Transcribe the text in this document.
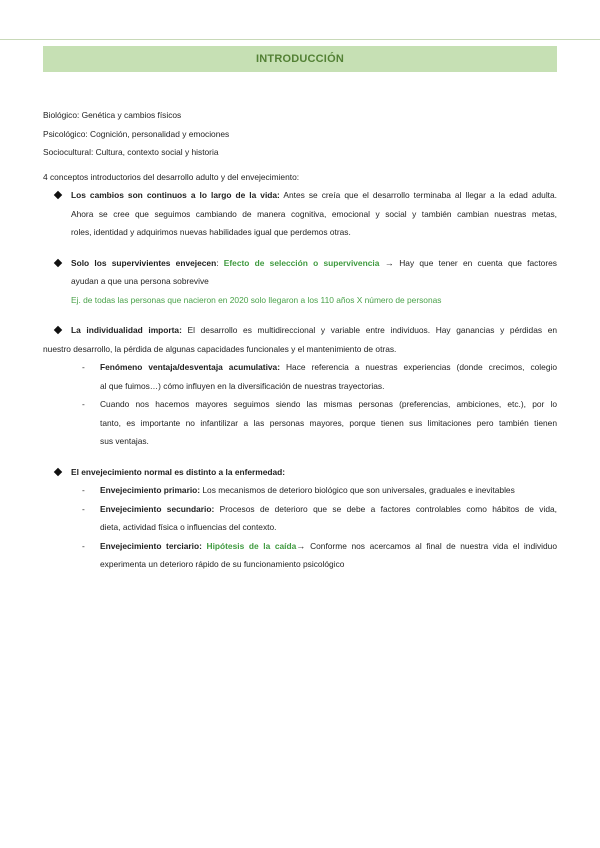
INTRODUCCIÓN
Biológico: Genética y cambios físicos
Psicológico: Cognición, personalidad y emociones
Sociocultural: Cultura, contexto social y historia
4 conceptos introductorios del desarrollo adulto y del envejecimiento:
Los cambios son continuos a lo largo de la vida: Antes se creía que el desarrollo terminaba al llegar a la edad adulta.
Ahora se cree que seguimos cambiando de manera cognitiva, emocional y social y también cambian nuestras metas,
roles, identidad y adquirimos nuevas habilidades igual que perdemos otras.
Solo los supervivientes envejecen: Efecto de selección o supervivencia → Hay que tener en cuenta que factores
ayudan a que una persona sobrevive
Ej. de todas las personas que nacieron en 2020 solo llegaron a los 110 años X número de personas
La individualidad importa: El desarrollo es multidireccional y variable entre individuos. Hay ganancias y pérdidas en
nuestro desarrollo, la pérdida de algunas capacidades funcionales y el mantenimiento de otras.
-
Fenómeno ventaja/desventaja acumulativa: Hace referencia a nuestras experiencias (donde crecimos, colegio
al que fuimos…) cómo influyen en la diversificación de nuestras trayectorias.
-
Cuando nos hacemos mayores seguimos siendo las mismas personas (preferencias, ambiciones, etc.), por lo
tanto, es importante no infantilizar a las personas mayores, porque tienen sus limitaciones pero también tienen
sus ventajas.
El envejecimiento normal es distinto a la enfermedad:
-
Envejecimiento primario: Los mecanismos de deterioro biológico que son universales, graduales e inevitables
-
Envejecimiento secundario: Procesos de deterioro que se debe a factores controlables como hábitos de vida,
dieta, actividad física o influencias del contexto.
-
Envejecimiento terciario: Hipótesis de la caída→ Conforme nos acercamos al final de nuestra vida el individuo
experimenta un deterioro rápido de su funcionamiento psicológico
